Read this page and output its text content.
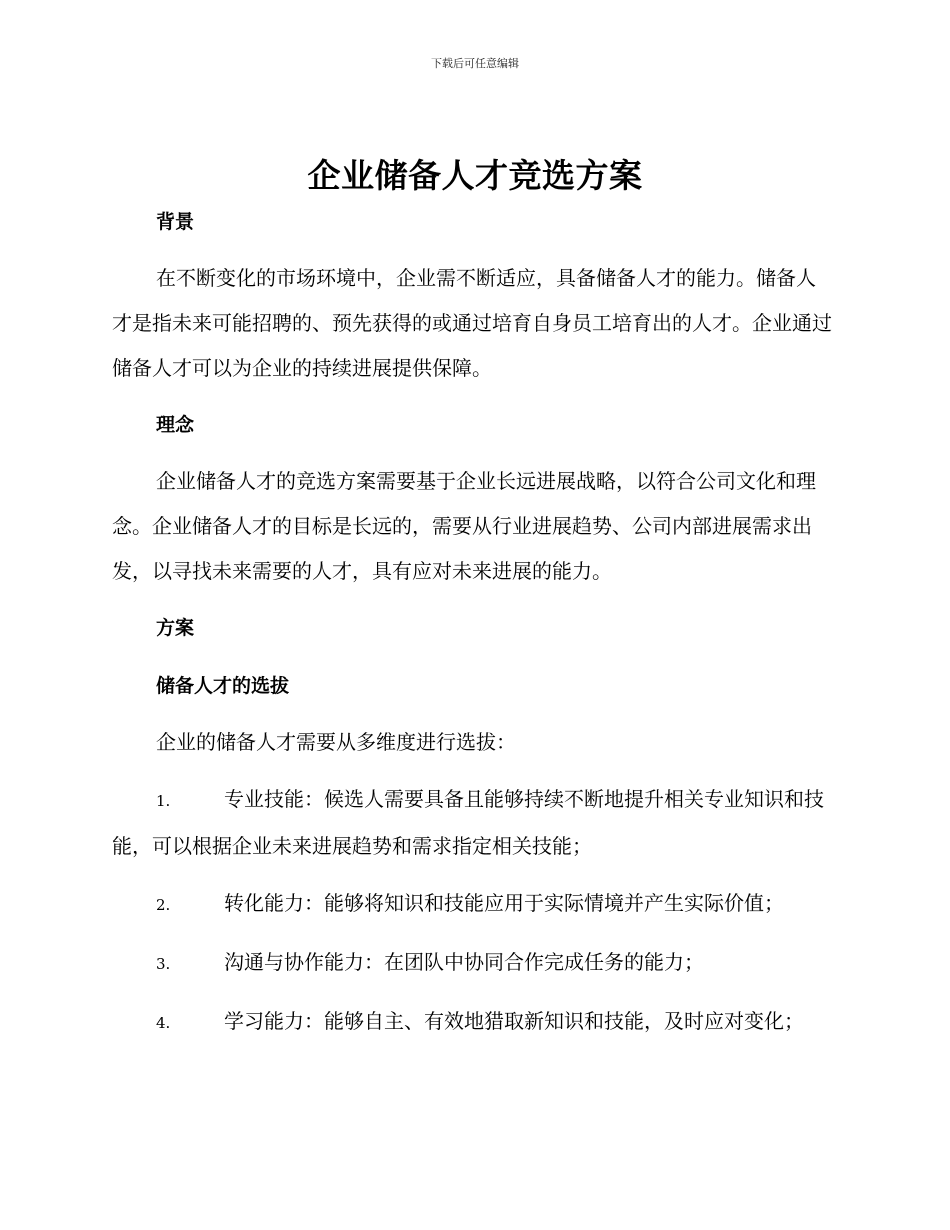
下载后可任意编辑
企业储备人才竞选方案

背景

在不断变化的市场环境中，企业需不断适应，具备储备人才的能力。储备人才是指未来可能招聘的、预先获得的或通过培育自身员工培育出的人才。企业通过储备人才可以为企业的持续进展提供保障。

理念

企业储备人才的竞选方案需要基于企业长远进展战略，以符合公司文化和理念。企业储备人才的目标是长远的，需要从行业进展趋势、公司内部进展需求出发，以寻找未来需要的人才，具有应对未来进展的能力。

方案

储备人才的选拔

企业的储备人才需要从多维度进行选拔：

1.	专业技能：候选人需要具备且能够持续不断地提升相关专业知识和技能，可以根据企业未来进展趋势和需求指定相关技能；

2.	转化能力：能够将知识和技能应用于实际情境并产生实际价值；

3.	沟通与协作能力：在团队中协同合作完成任务的能力；

4.	学习能力：能够自主、有效地猎取新知识和技能，及时应对变化；
